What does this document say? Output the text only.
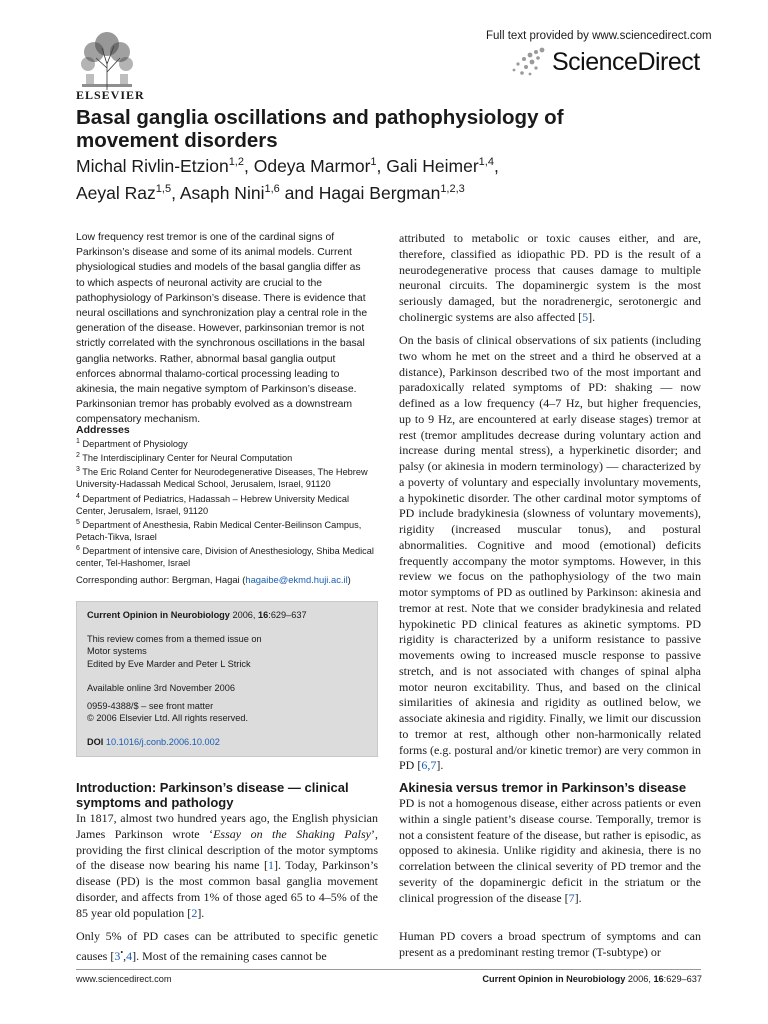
ELSEVIER
Full text provided by www.sciencedirect.com
ScienceDirect
Basal ganglia oscillations and pathophysiology of movement disorders
Michal Rivlin-Etzion$^{1,2}$, Odeya Marmor$^1$, Gali Heimer$^{1,4}$,
Aeyal Raz$^{1,5}$, Asaph Nini$^{1,6}$ and Hagai Bergman$^{1,2,3}$

Low frequency rest tremor is one of the cardinal signs of Parkinson’s disease and some of its animal models. Current physiological studies and models of the basal ganglia differ as to which aspects of neuronal activity are crucial to the pathophysiology of Parkinson’s disease. There is evidence that neural oscillations and synchronization play a central role in the generation of the disease. However, parkinsonian tremor is not strictly correlated with the synchronous oscillations in the basal ganglia networks. Rather, abnormal basal ganglia output enforces abnormal thalamo-cortical processing leading to akinesia, the main negative symptom of Parkinson’s disease. Parkinsonian tremor has probably evolved as a downstream compensatory mechanism.

Addresses
$^1$ Department of Physiology
$^2$ The Interdisciplinary Center for Neural Computation
$^3$ The Eric Roland Center for Neurodegenerative Diseases, The Hebrew University-Hadassah Medical School, Jerusalem, Israel, 91120
$^4$ Department of Pediatrics, Hadassah – Hebrew University Medical Center, Jerusalem, Israel, 91120
$^5$ Department of Anesthesia, Rabin Medical Center-Beilinson Campus, Petach-Tikva, Israel
$^6$ Department of intensive care, Division of Anesthesiology, Shiba Medical center, Tel-Hashomer, Israel
Corresponding author: Bergman, Hagai (hagaibe@ekmd.huji.ac.il)

Current Opinion in Neurobiology 2006, 16:629–637

This review comes from a themed issue on

Motor systems

Edited by Eve Marder and Peter L Strick

Available online 3rd November 2006

0959-4388/$ – see front matter

© 2006 Elsevier Ltd. All rights reserved.

DOI 10.1016/j.conb.2006.10.002

Introduction: Parkinson’s disease — clinical symptoms and pathology

In 1817, almost two hundred years ago, the English physician James Parkinson wrote ‘Essay on the Shaking Palsy’, providing the first clinical description of the motor symptoms of the disease now bearing his name [1]. Today, Parkinson’s disease (PD) is the most common basal ganglia movement disorder, and affects from 1% of those aged 65 to 4–5% of the 85 year old population [2].

Only 5% of PD cases can be attributed to specific genetic causes [3•,4]. Most of the remaining cases cannot be

attributed to metabolic or toxic causes either, and are, therefore, classified as idiopathic PD. PD is the result of a neurodegenerative process that causes damage to multiple neuronal circuits. The dopaminergic system is the most seriously damaged, but the noradrenergic, serotonergic and cholinergic systems are also affected [5].

On the basis of clinical observations of six patients (including two whom he met on the street and a third he observed at a distance), Parkinson described two of the most important and paradoxically related symptoms of PD: shaking — now defined as a low frequency (4–7 Hz, but higher frequencies, up to 9 Hz, are encountered at early disease stages) tremor at rest (tremor amplitudes decrease during voluntary action and increase during mental stress), a hyperkinetic disorder; and palsy (or akinesia in modern terminology) — characterized by a poverty of voluntary and especially involuntary movements, a hypokinetic disorder. The other cardinal motor symptoms of PD include bradykinesia (slowness of voluntary movements), rigidity (increased muscular tonus), and postural abnormalities. Cognitive and mood (emotional) deficits frequently accompany the motor symptoms. However, in this review we focus on the pathophysiology of the two main motor symptoms of PD as outlined by Parkinson: akinesia and tremor at rest. Note that we consider bradykinesia and related hypokinetic PD clinical features as akinetic symptoms. PD rigidity is characterized by a uniform resistance to passive movements owing to increased muscle response to passive stretch, and is not associated with changes of spinal alpha motor neuron excitability. Thus, and based on the clinical similarities of akinesia and rigidity as outlined below, we associate akinesia and rigidity. Finally, we limit our discussion to tremor at rest, although other non-harmonically related forms (e.g. postural and/or kinetic tremor) are very common in PD [6,7].

Akinesia versus tremor in Parkinson’s disease

PD is not a homogenous disease, either across patients or even within a single patient’s disease course. Temporally, tremor is not a consistent feature of the disease, but rather is episodic, as opposed to akinesia. Unlike rigidity and akinesia, there is no correlation between the clinical severity of PD tremor and the severity of the dopaminergic deficit in the striatum or the clinical progression of the disease [7].

Human PD covers a broad spectrum of symptoms and can present as a predominant resting tremor (T-subtype) or

www.sciencedirect.com	Current Opinion in Neurobiology 2006, 16:629–637
